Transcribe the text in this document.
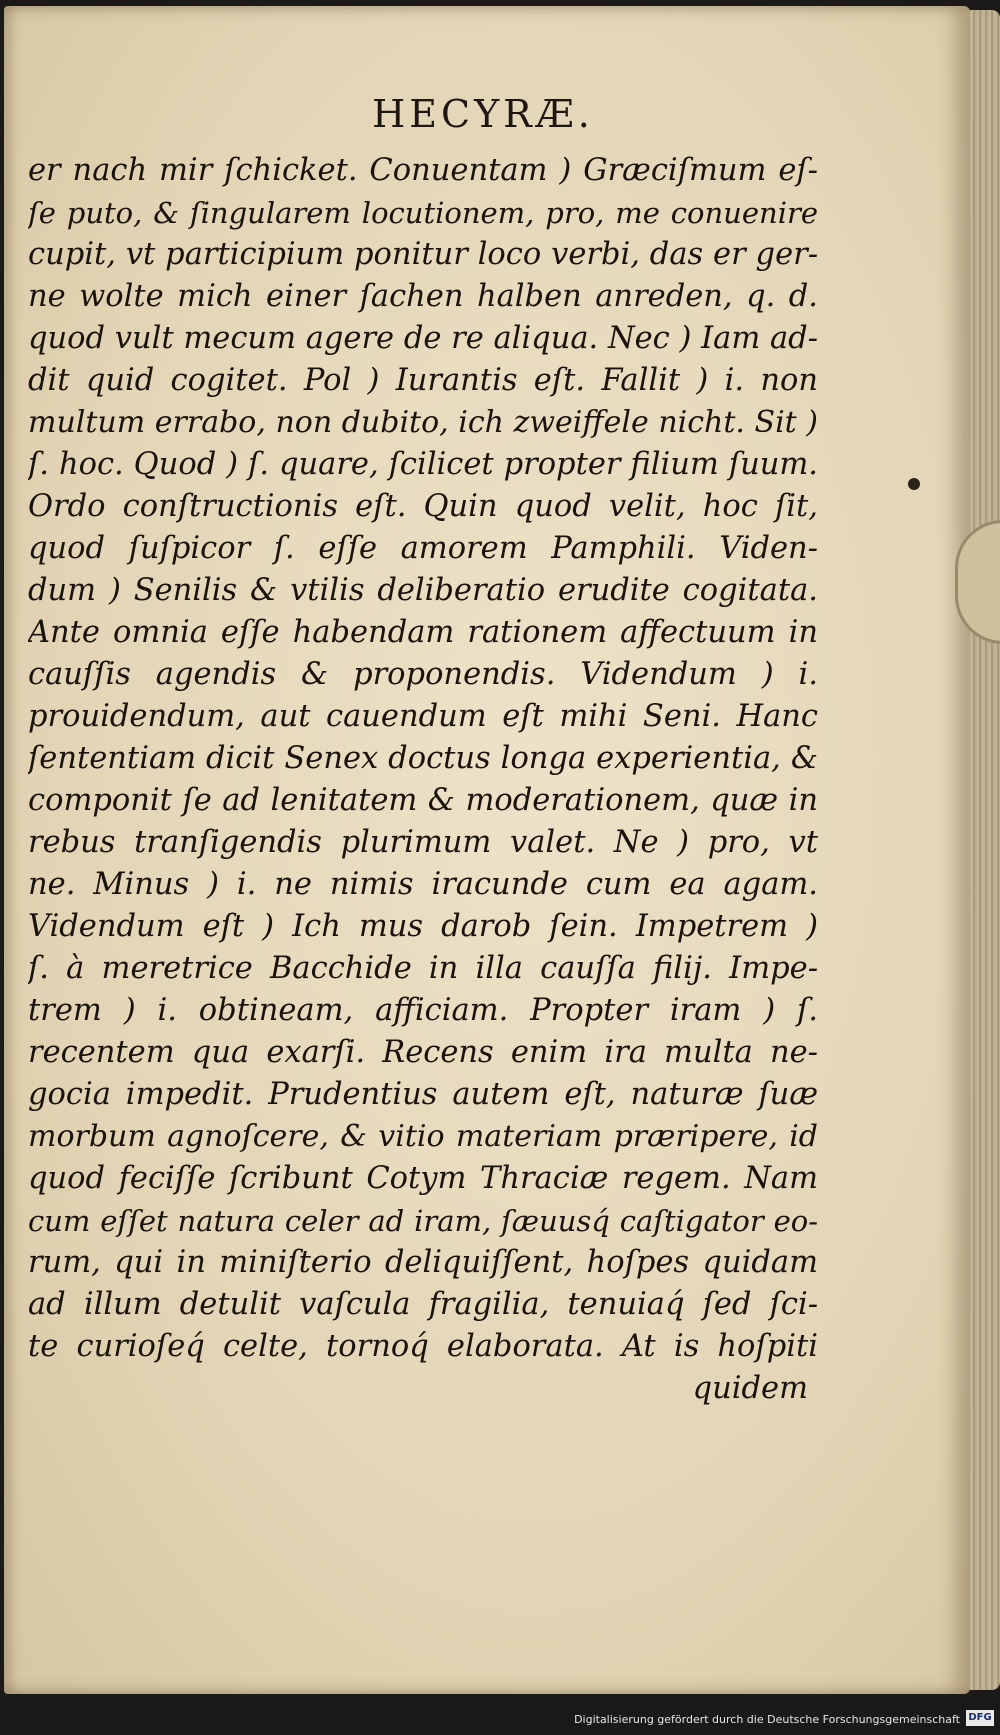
HECYRÆ.
er nach mir ſchicket. Conuentam ) Græciſmum eſ-
ſe puto, & ſingularem locutionem, pro, me conuenire
cupit, vt participium ponitur loco verbi, das er ger-
ne wolte mich einer ſachen halben anreden, q. d.
quod vult mecum agere de re aliqua. Nec ) Iam ad-
dit quid cogitet. Pol ) Iurantis eſt. Fallit ) i. non
multum errabo, non dubito, ich zweiffele nicht. Sit )
ſ. hoc. Quod ) ſ. quare, ſcilicet propter filium ſuum.
Ordo conſtructionis eſt. Quin quod velit, hoc ſit,
quod ſuſpicor ſ. eſſe amorem Pamphili. Viden-
dum ) Senilis & vtilis deliberatio erudite cogitata.
Ante omnia eſſe habendam rationem affectuum in
cauſſis agendis & proponendis. Videndum ) i.
prouidendum, aut cauendum eſt mihi Seni. Hanc
ſententiam dicit Senex doctus longa experientia, &
componit ſe ad lenitatem & moderationem, quæ in
rebus tranſigendis plurimum valet. Ne ) pro, vt
ne. Minus ) i. ne nimis iracunde cum ea agam.
Videndum eſt ) Ich mus darob ſein. Impetrem )
ſ. à meretrice Bacchide in illa cauſſa filij. Impe-
trem ) i. obtineam, afficiam. Propter iram ) ſ.
recentem qua exarſi. Recens enim ira multa ne-
gocia impedit. Prudentius autem eſt, naturæ ſuæ
morbum agnoſcere, & vitio materiam præripere, id
quod feciſſe ſcribunt Cotym Thraciæ regem. Nam
cum eſſet natura celer ad iram, ſæuusq́ caſtigator eo-
rum, qui in miniſterio deliquiſſent, hoſpes quidam
ad illum detulit vaſcula fragilia, tenuiaq́ ſed ſci-
te curioſeq́ celte, tornoq́ elaborata. At is hoſpiti
quidem
Digitalisierung gefördert durch die Deutsche Forschungsgemeinschaft DFG
